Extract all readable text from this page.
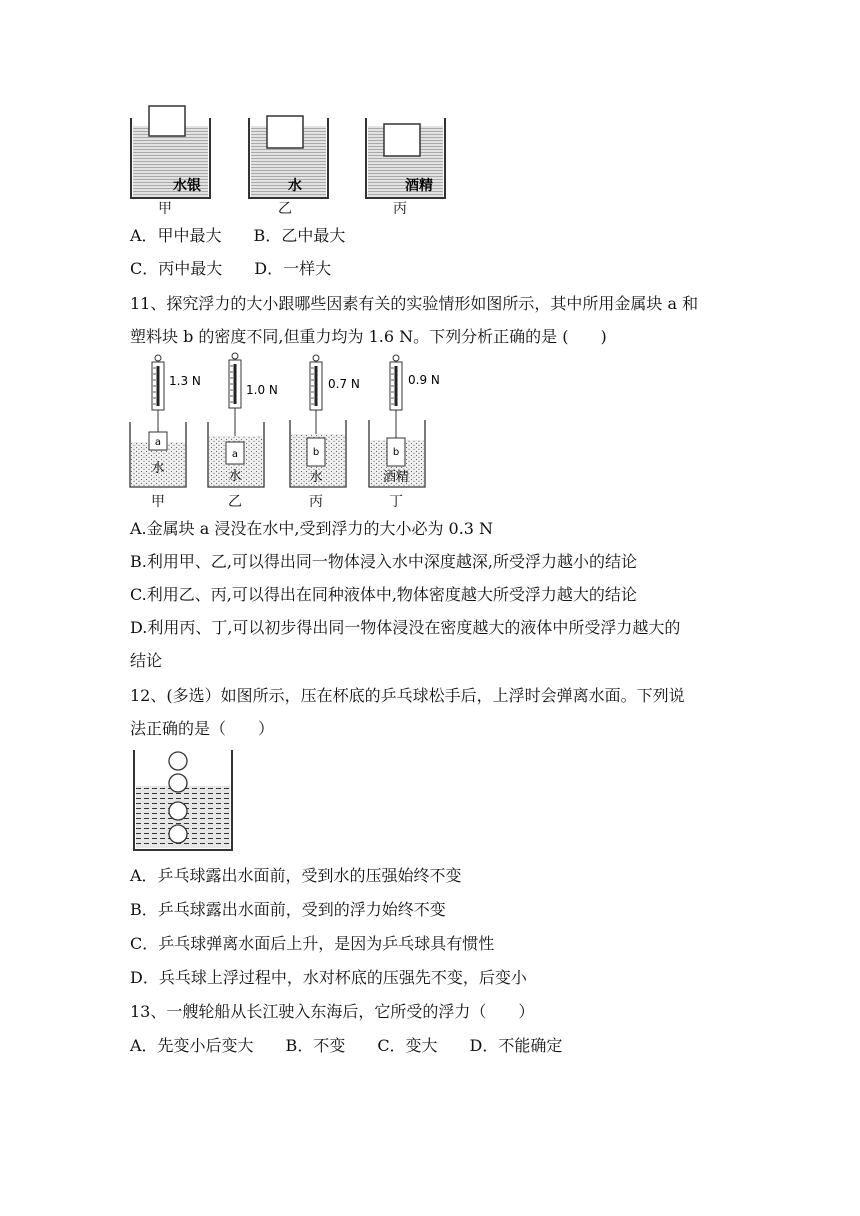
水银	水	酒精
甲	乙	丙
A．甲中最大　　B．乙中最大
C．丙中最大　　D．一样大
11、探究浮力的大小跟哪些因素有关的实验情形如图所示，其中所用金属块 a 和
塑料块 b 的密度不同,但重力均为 1.6 N。下列分析正确的是 (　　)
1.3 N
a
水
1.0 N
a
水
0.7 N
b
水
0.9 N
b
酒精
甲	乙	丙	丁
A.金属块 a 浸没在水中,受到浮力的大小必为 0.3 N
B.利用甲、乙,可以得出同一物体浸入水中深度越深,所受浮力越小的结论
C.利用乙、丙,可以得出在同种液体中,物体密度越大所受浮力越大的结论
D.利用丙、丁,可以初步得出同一物体浸没在密度越大的液体中所受浮力越大的
结论
12、(多选）如图所示，压在杯底的乒乓球松手后，上浮时会弹离水面。下列说
法正确的是（　　）
A．乒乓球露出水面前，受到水的压强始终不变
B．乒乓球露出水面前，受到的浮力始终不变
C．乒乓球弹离水面后上升，是因为乒乓球具有惯性
D．兵乓球上浮过程中，水对杯底的压强先不变，后变小
13、一艘轮船从长江驶入东海后，它所受的浮力（　　）
A．先变小后变大　　B．不变　　C．变大　　D．不能确定
